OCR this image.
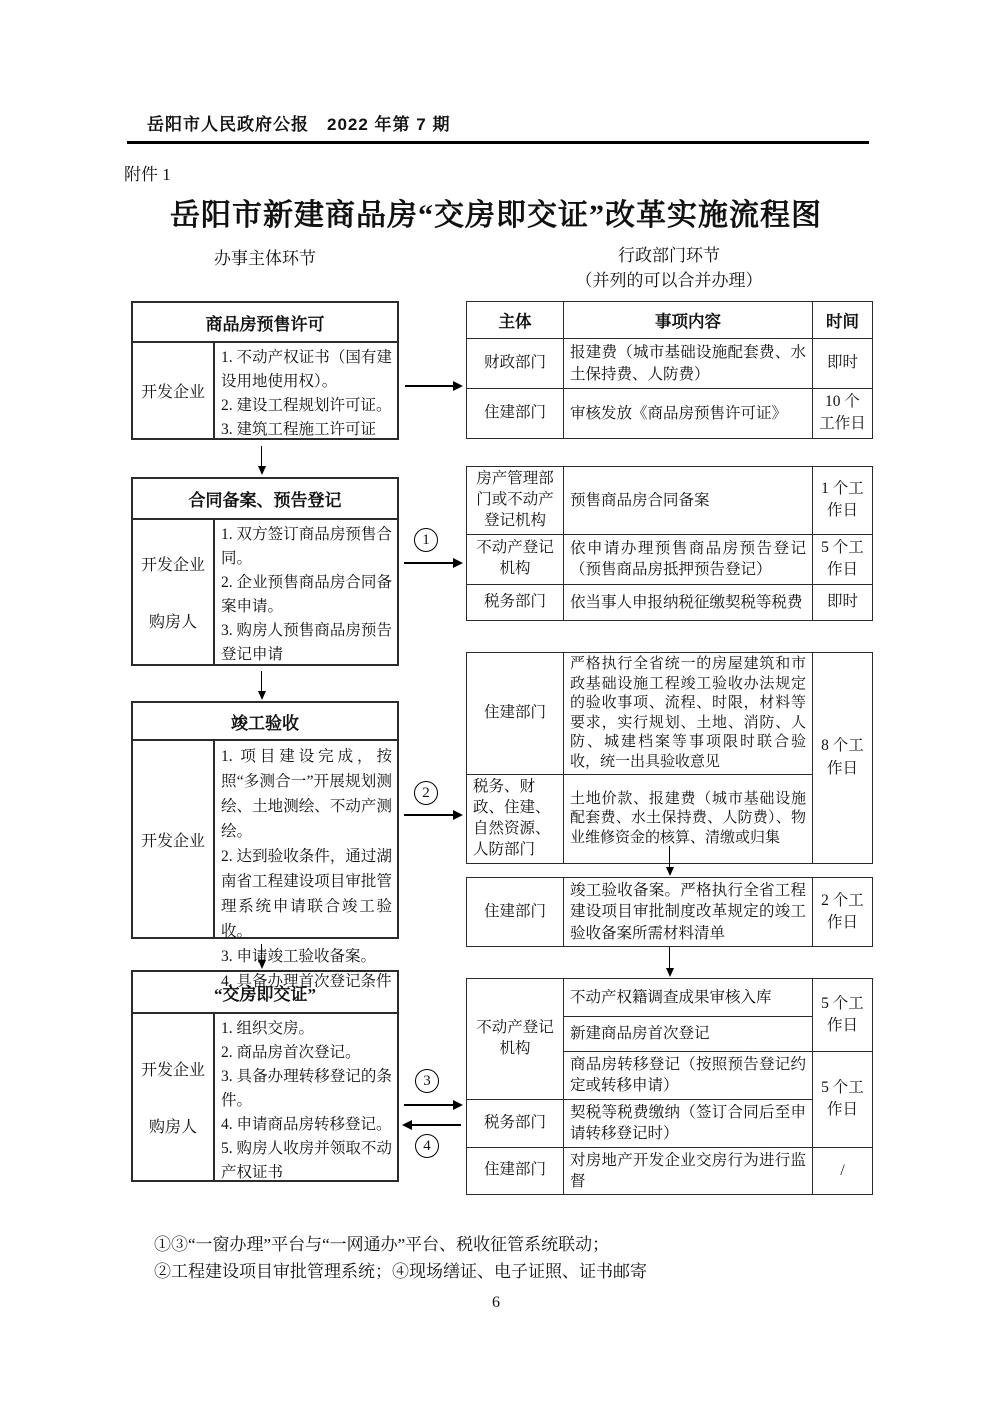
岳阳市人民政府公报　2022 年第 7 期
附件 1
岳阳市新建商品房“交房即交证”改革实施流程图
办事主体环节	行政部门环节
（并列的可以合并办理）
商品房预售许可
开发企业
1. 不动产权证书（国有建设用地使用权）。
2. 建设工程规划许可证。
3. 建筑工程施工许可证
合同备案、预告登记
开发企业
购房人
1. 双方签订商品房预售合同。
2. 企业预售商品房合同备案申请。
3. 购房人预售商品房预告登记申请
竣工验收
开发企业
1. 项目建设完成，按照“多测合一”开展规划测绘、土地测绘、不动产测绘。
2. 达到验收条件，通过湖南省工程建设项目审批管理系统申请联合竣工验收。
3. 申请竣工验收备案。
4. 具备办理首次登记条件
“交房即交证”
开发企业
购房人
1. 组织交房。
2. 商品房首次登记。
3. 具备办理转移登记的条件。
4. 申请商品房转移登记。
5. 购房人收房并领取不动产权证书
主体	事项内容	时间
财政部门	报建费（城市基础设施配套费、水土保持费、人防费）	即时
住建部门	审核发放《商品房预售许可证》	10 个工作日
房产管理部门或不动产登记机构	预售商品房合同备案	1 个工作日
不动产登记机构	依申请办理预售商品房预告登记（预售商品房抵押预告登记）	5 个工作日
税务部门	依当事人申报纳税征缴契税等税费	即时
住建部门	严格执行全省统一的房屋建筑和市政基础设施工程竣工验收办法规定的验收事项、流程、时限，材料等要求，实行规划、土地、消防、人防、城建档案等事项限时联合验收，统一出具验收意见	8 个工作日
税务、财政、住建、自然资源、人防部门	土地价款、报建费（城市基础设施配套费、水土保持费、人防费）、物业维修资金的核算、清缴或归集	
住建部门	竣工验收备案。严格执行全省工程建设项目审批制度改革规定的竣工验收备案所需材料清单	2 个工作日
不动产登记机构	不动产权籍调查成果审核入库	5 个工作日
	新建商品房首次登记	
	商品房转移登记（按照预告登记约定或转移申请）	5 个工作日
税务部门	契税等税费缴纳（签订合同后至申请转移登记时）	
住建部门	对房地产开发企业交房行为进行监督	/
1
2
3
4
①③“一窗办理”平台与“一网通办”平台、税收征管系统联动；
②工程建设项目审批管理系统；④现场缮证、电子证照、证书邮寄
6
